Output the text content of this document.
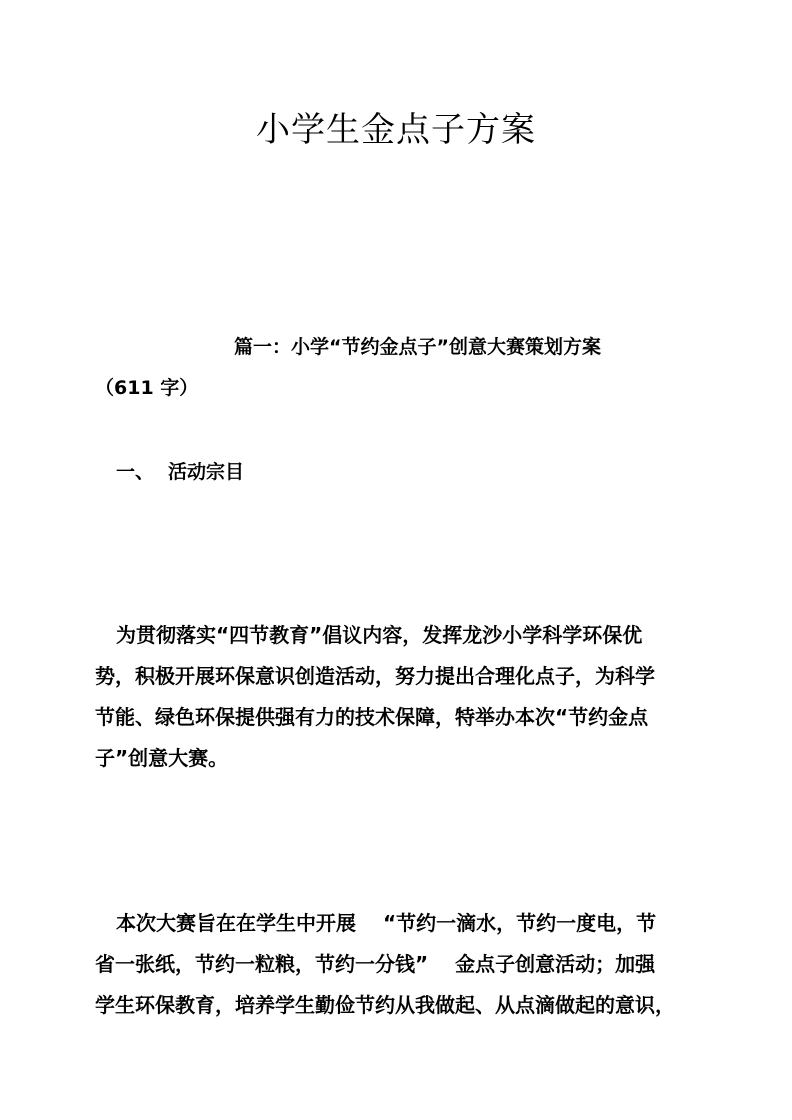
小学生金点子方案
篇一：小学“节约金点子”创意大赛策划方案
（611 字）
一、 活动宗目
为贯彻落实“四节教育”倡议内容，发挥龙沙小学科学环保优
势，积极开展环保意识创造活动，努力提出合理化点子，为科学
节能、绿色环保提供强有力的技术保障，特举办本次“节约金点
子”创意大赛。
本次大赛旨在在学生中开展　 “节约一滴水，节约一度电，节
省一张纸，节约一粒粮，节约一分钱”　 金点子创意活动；加强
学生环保教育，培养学生勤俭节约从我做起、从点滴做起的意识，
